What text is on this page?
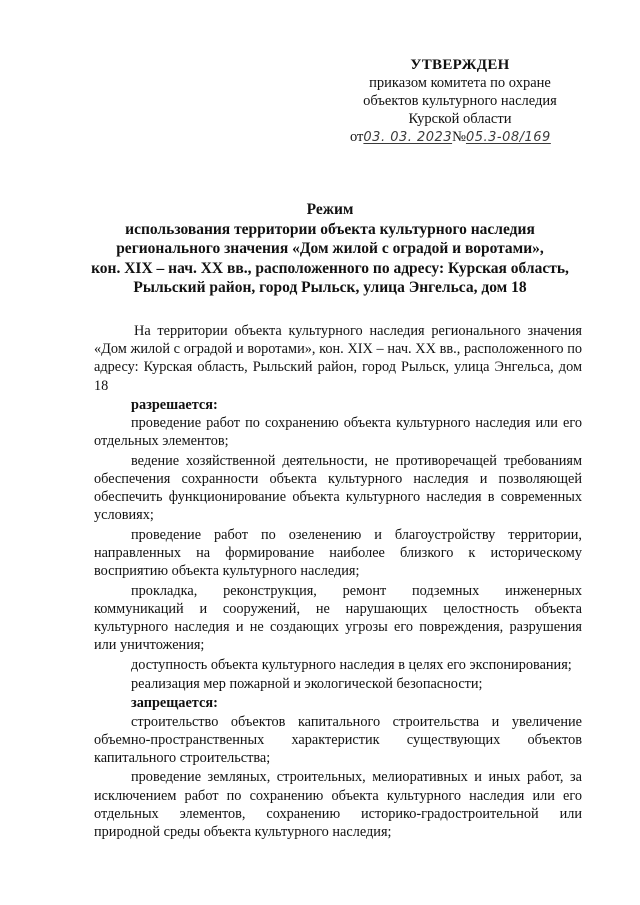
УТВЕРЖДЕН
приказом комитета по охране
объектов культурного наследия
Курской области
от03. 03. 2023№05.3-08/169
Режим
использования территории объекта культурного наследия
регионального значения «Дом жилой с оградой и воротами»,
кон. XIX – нач. XX вв., расположенного по адресу: Курская область,
Рыльский район, город Рыльск, улица Энгельса, дом 18

На территории объекта культурного наследия регионального значения «Дом жилой с оградой и воротами», кон. XIX – нач. XX вв., расположенного по адресу: Курская область, Рыльский район, город Рыльск, улица Энгельса, дом 18

разрешается:

проведение работ по сохранению объекта культурного наследия или его отдельных элементов;

ведение хозяйственной деятельности, не противоречащей требованиям обеспечения сохранности объекта культурного наследия и позволяющей обеспечить функционирование объекта культурного наследия в современных условиях;

проведение работ по озеленению и благоустройству территории, направленных на формирование наиболее близкого к историческому восприятию объекта культурного наследия;

прокладка, реконструкция, ремонт подземных инженерных коммуникаций и сооружений, не нарушающих целостность объекта культурного наследия и не создающих угрозы его повреждения, разрушения или уничтожения;

доступность объекта культурного наследия в целях его экспонирования;

реализация мер пожарной и экологической безопасности;

запрещается:

строительство объектов капитального строительства и увеличение объемно-пространственных характеристик существующих объектов капитального строительства;

проведение земляных, строительных, мелиоративных и иных работ, за исключением работ по сохранению объекта культурного наследия или его отдельных элементов, сохранению историко-градостроительной или природной среды объекта культурного наследия;
